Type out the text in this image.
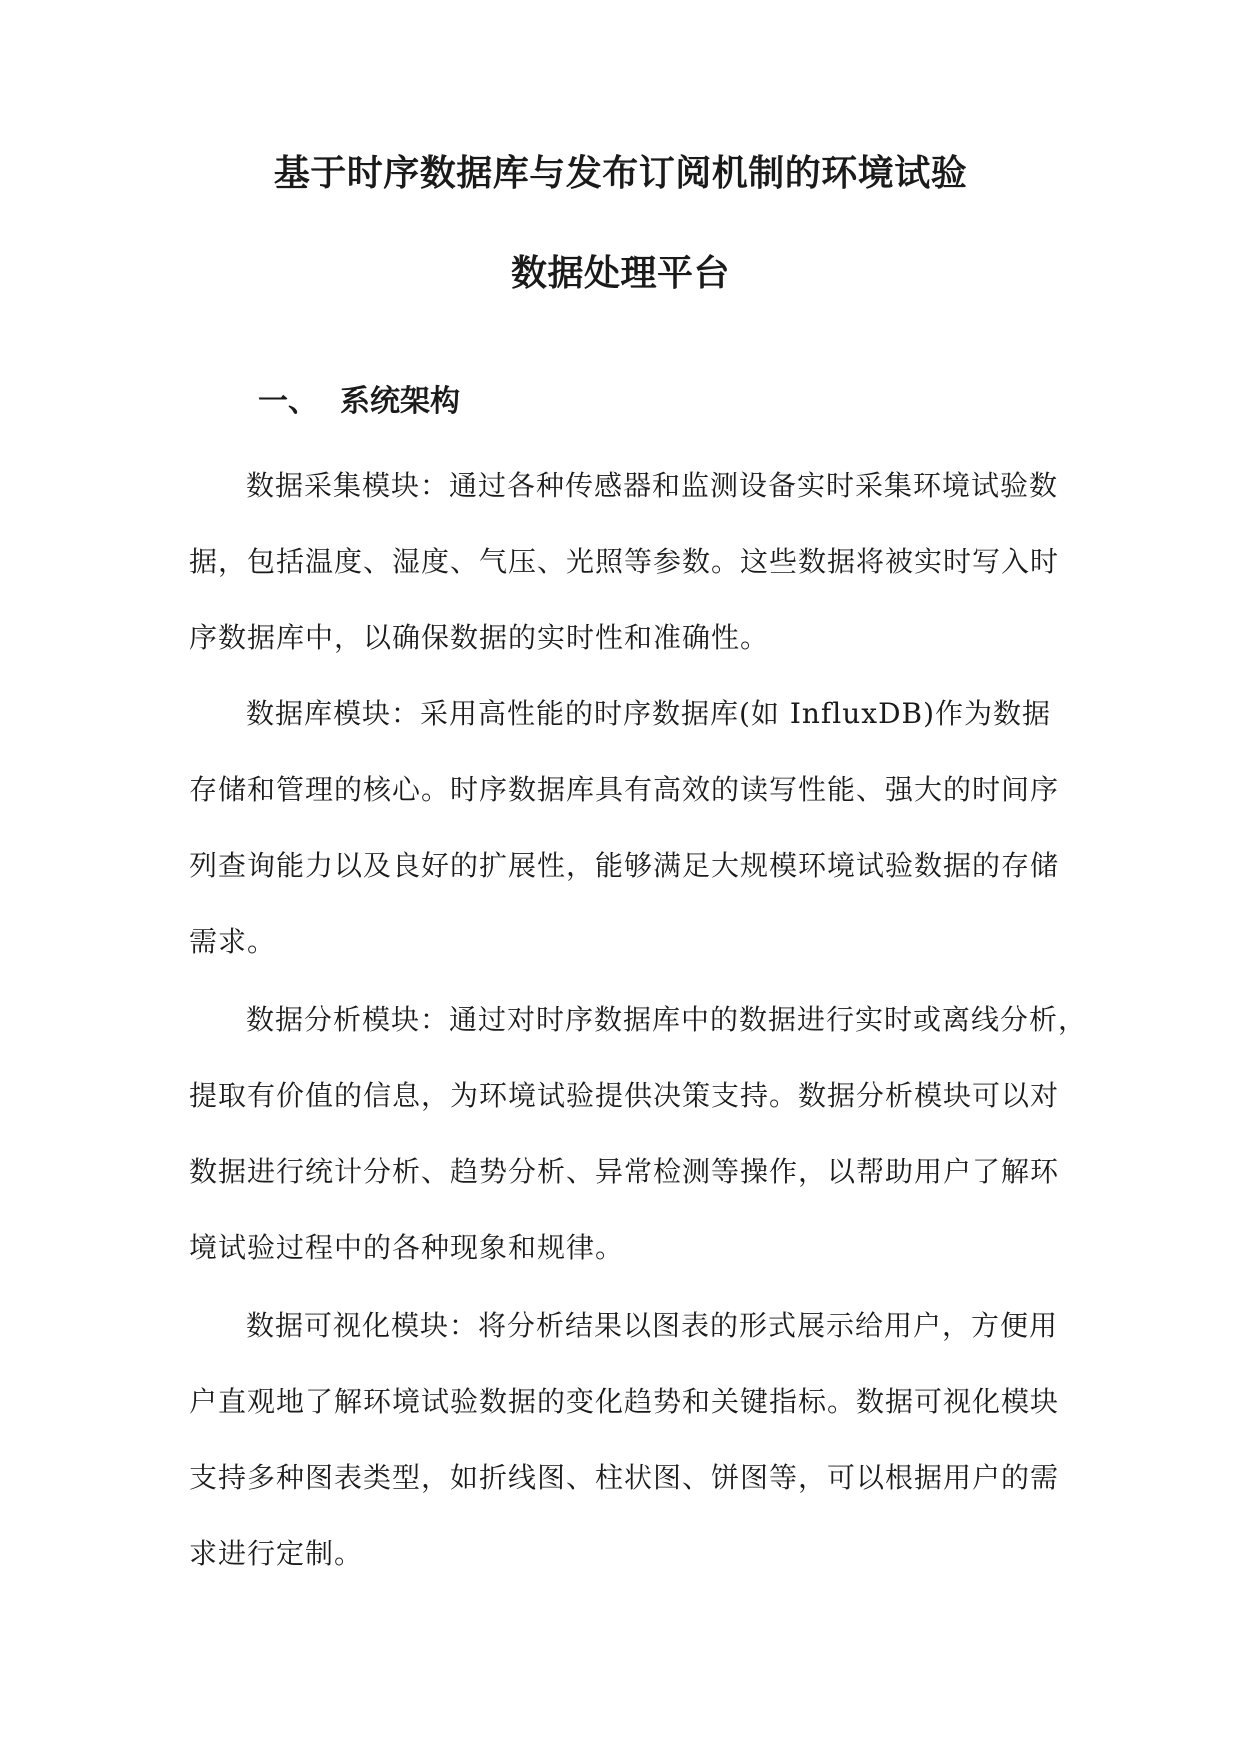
基于时序数据库与发布订阅机制的环境试验
数据处理平台
一、 系统架构
数据采集模块：通过各种传感器和监测设备实时采集环境试验数
据，包括温度、湿度、气压、光照等参数。这些数据将被实时写入时
序数据库中，以确保数据的实时性和准确性。
数据库模块：采用高性能的时序数据库(如 InfluxDB)作为数据
存储和管理的核心。时序数据库具有高效的读写性能、强大的时间序
列查询能力以及良好的扩展性，能够满足大规模环境试验数据的存储
需求。
数据分析模块：通过对时序数据库中的数据进行实时或离线分析，
提取有价值的信息，为环境试验提供决策支持。数据分析模块可以对
数据进行统计分析、趋势分析、异常检测等操作，以帮助用户了解环
境试验过程中的各种现象和规律。
数据可视化模块：将分析结果以图表的形式展示给用户，方便用
户直观地了解环境试验数据的变化趋势和关键指标。数据可视化模块
支持多种图表类型，如折线图、柱状图、饼图等，可以根据用户的需
求进行定制。
